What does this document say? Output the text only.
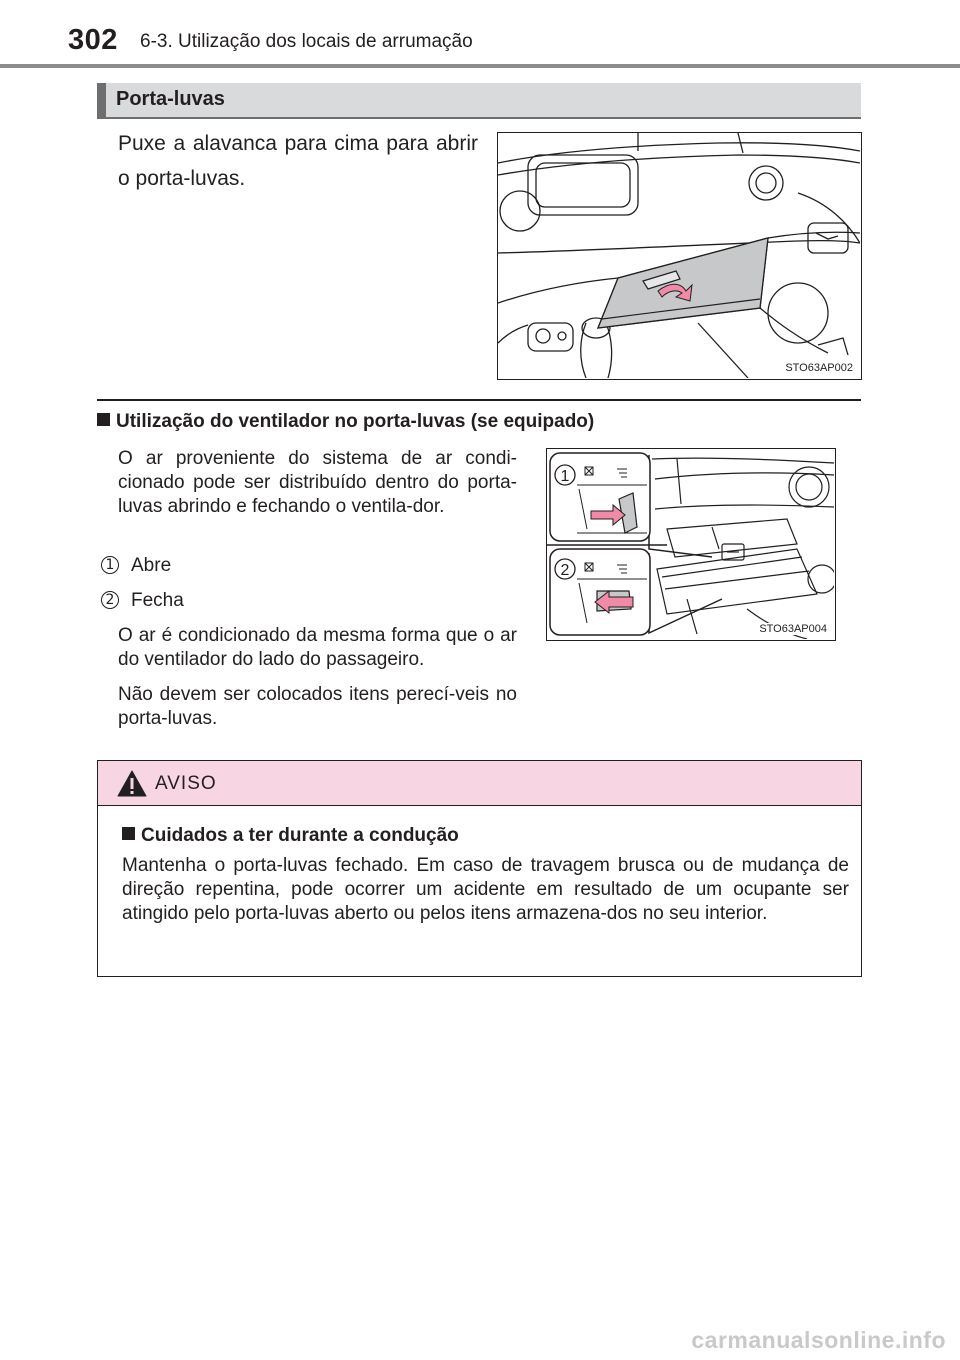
302 6-3. Utilização dos locais de arrumação
Porta-luvas
Puxe a alavanca para cima para abrir o porta-luvas.
STO63AP002
Utilização do ventilador no porta-luvas (se equipado)
O ar proveniente do sistema de ar condi-cionado pode ser distribuído dentro do porta-luvas abrindo e fechando o ventila-dor.
1 Abre
2 Fecha
O ar é condicionado da mesma forma que o ar do ventilador do lado do passageiro.
Não devem ser colocados itens perecí-veis no porta-luvas.
1
2
STO63AP004
AVISO
Cuidados a ter durante a condução
Mantenha o porta-luvas fechado. Em caso de travagem brusca ou de mudança de direção repentina, pode ocorrer um acidente em resultado de um ocupante ser atingido pelo porta-luvas aberto ou pelos itens armazena-dos no seu interior.
carmanualsonline.info
